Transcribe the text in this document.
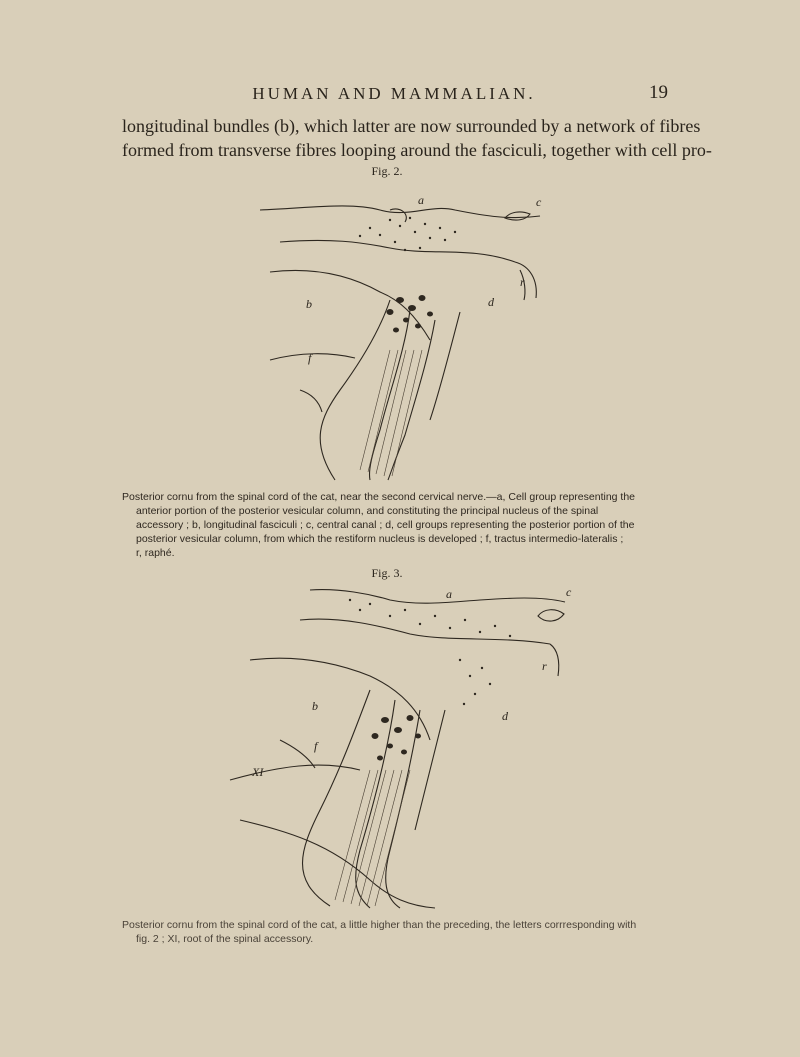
HUMAN AND MAMMALIAN.	19
longitudinal bundles (b), which latter are now surrounded by a network of fibres
formed from transverse fibres looping around the fasciculi, together with cell pro-
Fig. 2.
a
b
c
d
f
r
Posterior cornu from the spinal cord of the cat, near the second cervical nerve.—a, Cell group representing the
anterior portion of the posterior vesicular column, and constituting the principal nucleus of the spinal
accessory ; b, longitudinal fasciculi ; c, central canal ; d, cell groups representing the posterior portion of the
posterior vesicular column, from which the restiform nucleus is developed ; f, tractus intermedio-lateralis ;
r, raphé.
Fig. 3.
a
b
c
d
f
r
XI
Posterior cornu from the spinal cord of the cat, a little higher than the preceding, the letters corrresponding with
fig. 2 ; XI, root of the spinal accessory.
